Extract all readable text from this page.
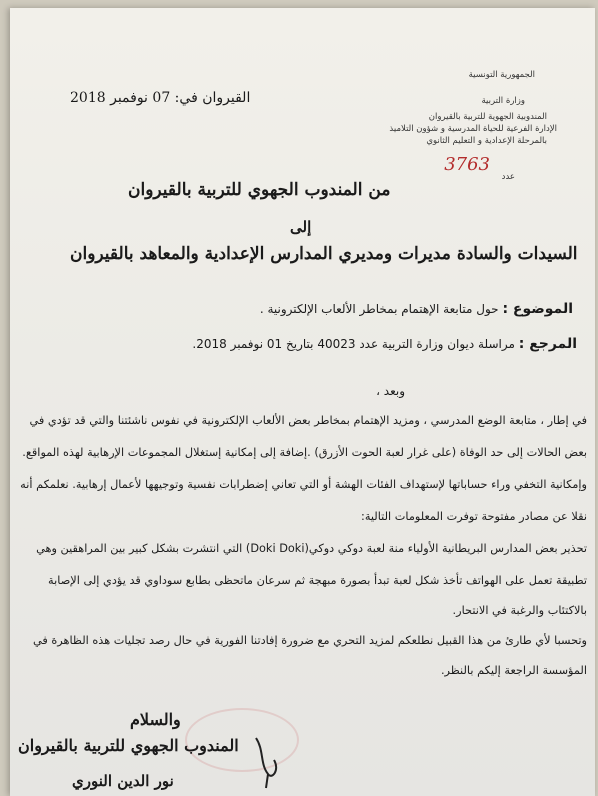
الجمهورية التونسية
وزارة التربية
المندوبية الجهوية للتربية بالقيروان
الإدارة الفرعية للحياة المدرسية و شؤون التلاميذ
بالمرحلة الإعدادية و التعليم الثانوي
عدد
3763
القيروان في: 07 نوفمبر 2018
من المندوب الجهوي للتربية بالقيروان
إلى
السيدات والسادة مديرات ومديري المدارس الإعدادية والمعاهد بالقيروان
الموضوع : حول متابعة الإهتمام بمخاطر الألعاب الإلكترونية .
المرجع : مراسلة ديوان وزارة التربية عدد 40023 بتاريخ 01 نوفمبر 2018.
وبعد ،
في إطار ، متابعة الوضع المدرسي ، ومزيد الإهتمام بمخاطر بعض الألعاب الإلكترونية في نفوس ناشئتنا والتي قد تؤدي في
بعض الحالات إلى حد الوفاة (على غرار لعبة الحوت الأزرق) .إضافة إلى إمكانية إستغلال المجموعات الإرهابية لهذه المواقع.
وإمكانية التخفي وراء حساباتها لإستهداف الفئات الهشة أو التي تعاني إضطرابات نفسية وتوجيهها لأعمال إرهابية. نعلمكم أنه
نقلا عن مصادر مفتوحة توفرت المعلومات التالية:
تحذير بعض المدارس البريطانية الأولياء منة لعبة دوكي دوكي(Doki Doki) التي انتشرت بشكل كبير بين المراهقين وهي
تطبيقة تعمل على الهواتف تأخذ شكل لعبة تبدأ بصورة مبهجة ثم سرعان ماتحظى بطابع سوداوي قد يؤدي إلى الإصابة
بالاكتئاب والرغبة في الانتحار.
وتحسبا لأي طارئ من هذا القبيل نطلعكم لمزيد التحري مع ضرورة إفادتنا الفورية في حال رصد تجليات هذه الظاهرة في
المؤسسة الراجعة إليكم بالنظر.
والسلام
المندوب الجهوي للتربية بالقيروان
نور الدين النوري
